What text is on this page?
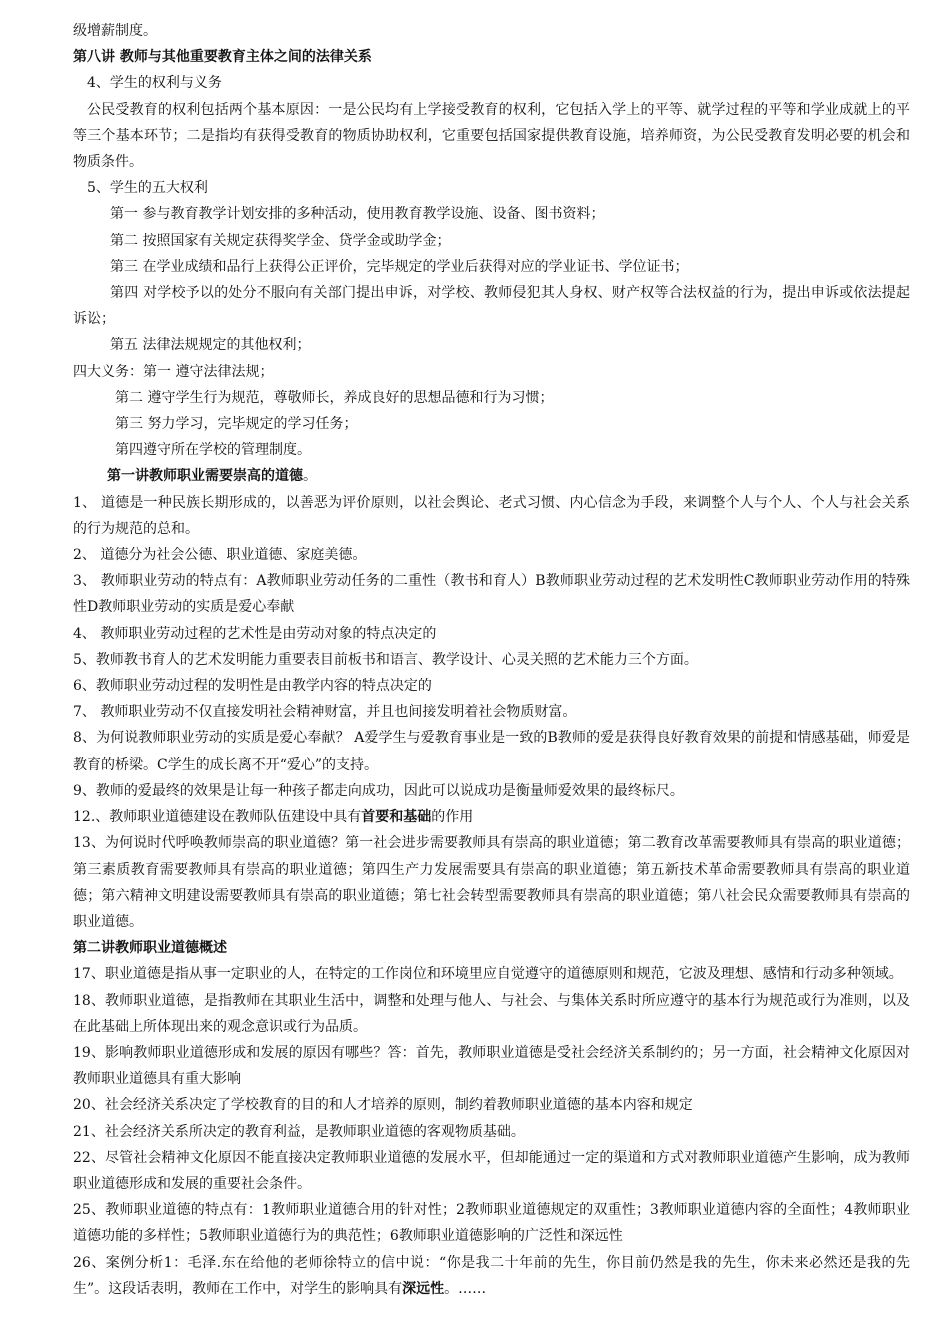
级增薪制度。

第八讲 教师与其他重要教育主体之间的法律关系

4、学生的权利与义务

公民受教育的权利包括两个基本原因：一是公民均有上学接受教育的权利，它包括入学上的平等、就学过程的平等和学业成就上的平等三个基本环节；二是指均有获得受教育的物质协助权利，它重要包括国家提供教育设施，培养师资，为公民受教育发明必要的机会和物质条件。

5、学生的五大权利

第一 参与教育教学计划安排的多种活动，使用教育教学设施、设备、图书资料；

第二 按照国家有关规定获得奖学金、贷学金或助学金；

第三 在学业成绩和品行上获得公正评价，完毕规定的学业后获得对应的学业证书、学位证书；

第四 对学校予以的处分不服向有关部门提出申诉，对学校、教师侵犯其人身权、财产权等合法权益的行为，提出申诉或依法提起诉讼；

第五 法律法规规定的其他权利；

四大义务：第一 遵守法律法规；

第二 遵守学生行为规范，尊敬师长，养成良好的思想品德和行为习惯；

第三 努力学习，完毕规定的学习任务；

第四遵守所在学校的管理制度。

第一讲教师职业需要崇高的道德。

1、 道德是一种民族长期形成的，以善恶为评价原则，以社会舆论、老式习惯、内心信念为手段，来调整个人与个人、个人与社会关系的行为规范的总和。

2、 道德分为社会公德、职业道德、家庭美德。

3、 教师职业劳动的特点有：A教师职业劳动任务的二重性（教书和育人）B教师职业劳动过程的艺术发明性C教师职业劳动作用的特殊性D教师职业劳动的实质是爱心奉献

4、 教师职业劳动过程的艺术性是由劳动对象的特点决定的

5、教师教书育人的艺术发明能力重要表目前板书和语言、教学设计、心灵关照的艺术能力三个方面。

6、教师职业劳动过程的发明性是由教学内容的特点决定的

7、 教师职业劳动不仅直接发明社会精神财富，并且也间接发明着社会物质财富。

8、为何说教师职业劳动的实质是爱心奉献？ A爱学生与爱教育事业是一致的B教师的爱是获得良好教育效果的前提和情感基础，师爱是教育的桥梁。C学生的成长离不开“爱心”的支持。

9、教师的爱最终的效果是让每一种孩子都走向成功，因此可以说成功是衡量师爱效果的最终标尺。

12.、教师职业道德建设在教师队伍建设中具有首要和基础的作用

13、为何说时代呼唤教师崇高的职业道德？第一社会进步需要教师具有崇高的职业道德；第二教育改革需要教师具有崇高的职业道德；第三素质教育需要教师具有崇高的职业道德；第四生产力发展需要具有崇高的职业道德；第五新技术革命需要教师具有崇高的职业道德；第六精神文明建设需要教师具有崇高的职业道德；第七社会转型需要教师具有崇高的职业道德；第八社会民众需要教师具有崇高的职业道德。

第二讲教师职业道德概述

17、职业道德是指从事一定职业的人，在特定的工作岗位和环境里应自觉遵守的道德原则和规范，它波及理想、感情和行动多种领域。

18、教师职业道德，是指教师在其职业生活中，调整和处理与他人、与社会、与集体关系时所应遵守的基本行为规范或行为准则，以及在此基础上所体现出来的观念意识或行为品质。

19、影响教师职业道德形成和发展的原因有哪些？答：首先，教师职业道德是受社会经济关系制约的；另一方面，社会精神文化原因对教师职业道德具有重大影响

20、社会经济关系决定了学校教育的目的和人才培养的原则，制约着教师职业道德的基本内容和规定

21、社会经济关系所决定的教育利益，是教师职业道德的客观物质基础。

22、尽管社会精神文化原因不能直接决定教师职业道德的发展水平，但却能通过一定的渠道和方式对教师职业道德产生影响，成为教师职业道德形成和发展的重要社会条件。

25、教师职业道德的特点有：1教师职业道德合用的针对性；2教师职业道德规定的双重性；3教师职业道德内容的全面性；4教师职业道德功能的多样性；5教师职业道德行为的典范性；6教师职业道德影响的广泛性和深远性

26、案例分析1：毛泽.东在给他的老师徐特立的信中说：“你是我二十年前的先生，你目前仍然是我的先生，你未来必然还是我的先生”。这段话表明，教师在工作中，对学生的影响具有深远性。……
